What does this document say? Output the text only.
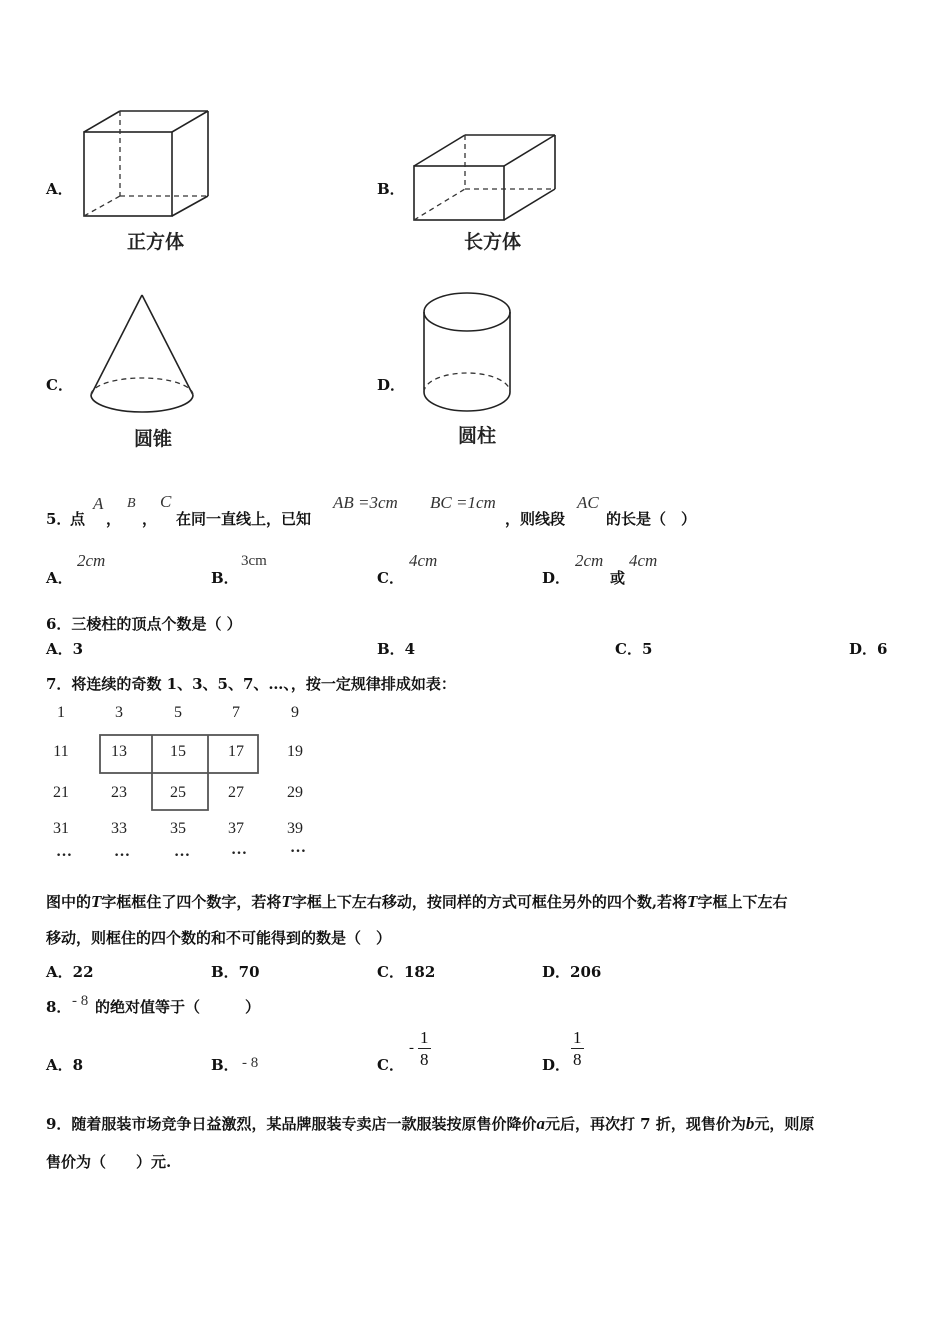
A．
正方体
B．
长方体
C．
圆锥
D．
圆柱
5．
点
A
，
B
，
C
在同一直线上，已知
AB =3cm BC =1cm
，则线段
AC
的长是（　）
A．
2cm
B．
3cm
C．
4cm
D．
2cm
或
4cm
6．三棱柱的顶点个数是（ ）
A．3	B．4	C．5	D．6
7．将连续的奇数 1、3、5、7、…、，按一定规律排成如表：
1	3	5	7	9
11	13	15	17	19
21	23	25	27	29
31	33	35	37	39
…	…	…	…	…
图中的T字框框住了四个数字，若将T字框上下左右移动，按同样的方式可框住另外的四个数,若将T字框上下左右
移动，则框住的四个数的和不可能得到的数是（　）
A．22	B．70	C．182	D．206
8． - 8 的绝对值等于（　　　）
A．8	B． - 8	C．
- $\frac{1}{8}$	D． $\frac{1}{8}$
9．随着服装市场竞争日益激烈，某品牌服装专卖店一款服装按原售价降价a元后，再次打 7 折，现售价为b元，则原
售价为（　　）元.
